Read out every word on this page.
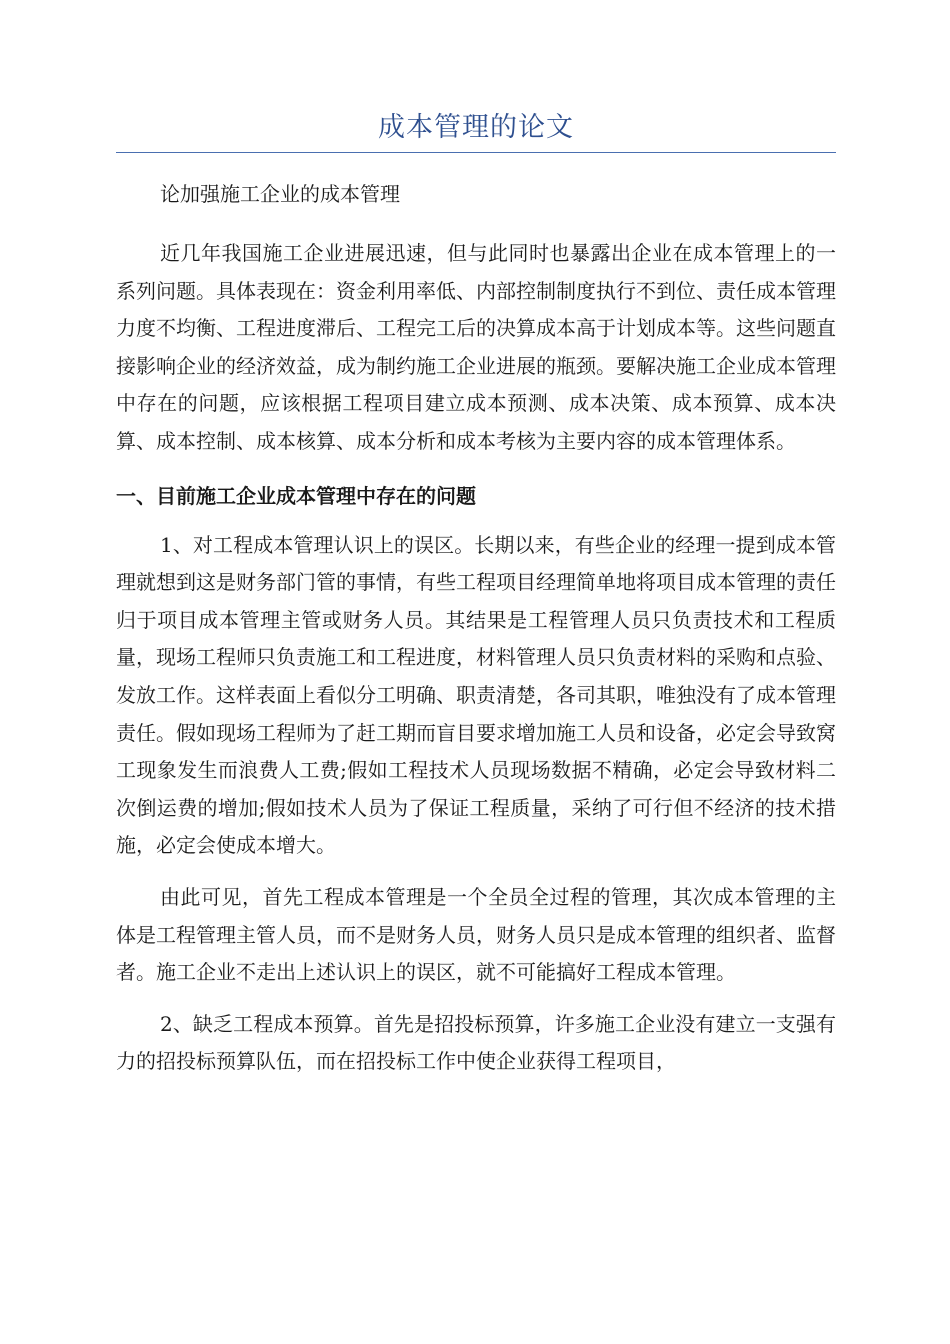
成本管理的论文

论加强施工企业的成本管理

近几年我国施工企业进展迅速，但与此同时也暴露出企业在成本管理上的一系列问题。具体表现在：资金利用率低、内部控制制度执行不到位、责任成本管理力度不均衡、工程进度滞后、工程完工后的决算成本高于计划成本等。这些问题直接影响企业的经济效益，成为制约施工企业进展的瓶颈。要解决施工企业成本管理中存在的问题，应该根据工程项目建立成本预测、成本决策、成本预算、成本决算、成本控制、成本核算、成本分析和成本考核为主要内容的成本管理体系。

一、目前施工企业成本管理中存在的问题

1、对工程成本管理认识上的误区。长期以来，有些企业的经理一提到成本管理就想到这是财务部门管的事情，有些工程项目经理简单地将项目成本管理的责任归于项目成本管理主管或财务人员。其结果是工程管理人员只负责技术和工程质量，现场工程师只负责施工和工程进度，材料管理人员只负责材料的采购和点验、发放工作。这样表面上看似分工明确、职责清楚，各司其职，唯独没有了成本管理责任。假如现场工程师为了赶工期而盲目要求增加施工人员和设备，必定会导致窝工现象发生而浪费人工费;假如工程技术人员现场数据不精确，必定会导致材料二次倒运费的增加;假如技术人员为了保证工程质量，采纳了可行但不经济的技术措施，必定会使成本增大。

由此可见，首先工程成本管理是一个全员全过程的管理，其次成本管理的主体是工程管理主管人员，而不是财务人员，财务人员只是成本管理的组织者、监督者。施工企业不走出上述认识上的误区，就不可能搞好工程成本管理。

2、缺乏工程成本预算。首先是招投标预算，许多施工企业没有建立一支强有力的招投标预算队伍，而在招投标工作中使企业获得工程项目，
